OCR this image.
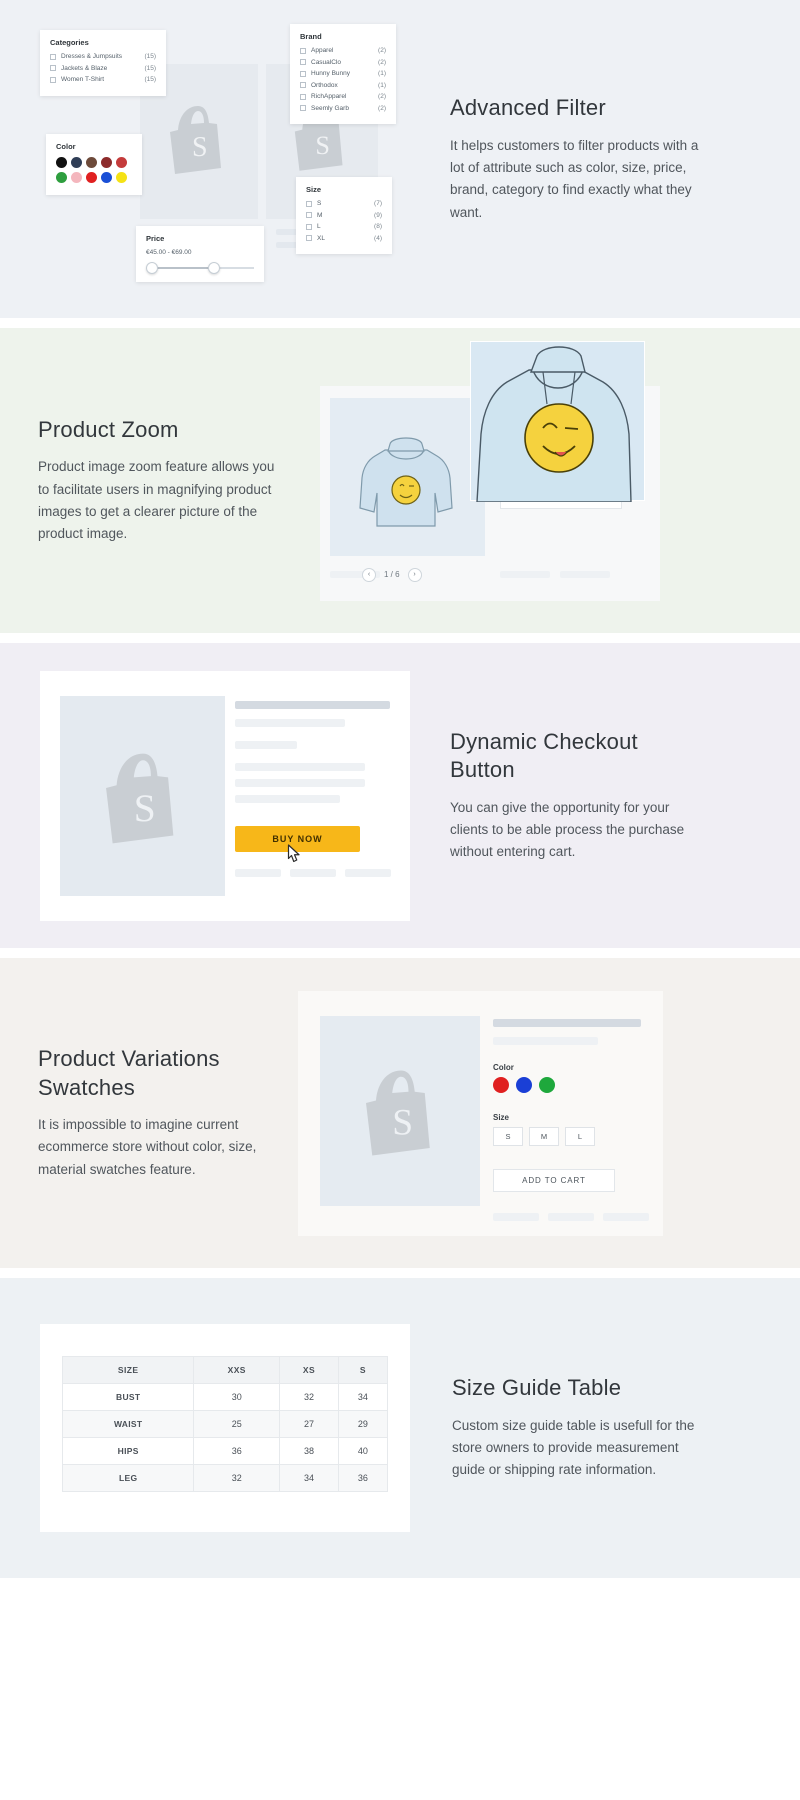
S	S
Categories
Dresses & Jumpsuits	(15)
Jackets & Blaze	(15)
Women T-Shirt	(15)
Color
Price
€45.00 - €69.00
Brand
Apparel	(2)
CasualClo	(2)
Hunny Bunny	(1)
Orthodox	(1)
RichApparel	(2)
Seemly Garb	(2)
Size
S	(7)
M	(9)
L	(8)
XL	(4)
Advanced Filter

It helps customers to filter products with a lot of attribute such as color, size, price, brand, category to find exactly what they want.

Product Zoom

Product image zoom feature allows you to facilitate users in magnifying product images to get a clearer picture of the product image.

‹	1 / 6	›
S
BUY NOW
Dynamic Checkout Button

You can give the opportunity for your clients to be able process the purchase without entering cart.

Product Variations Swatches

It is impossible to imagine current ecommerce store without color, size, material swatches feature.

S
Color
Size
S	M	L
ADD TO CART
SIZE	XXS	XS	S
BUST	30	32	34
WAIST	25	27	29
HIPS	36	38	40
LEG	32	34	36
Size Guide Table

Custom size guide table is usefull for the store owners to provide measurement guide or shipping rate information.
